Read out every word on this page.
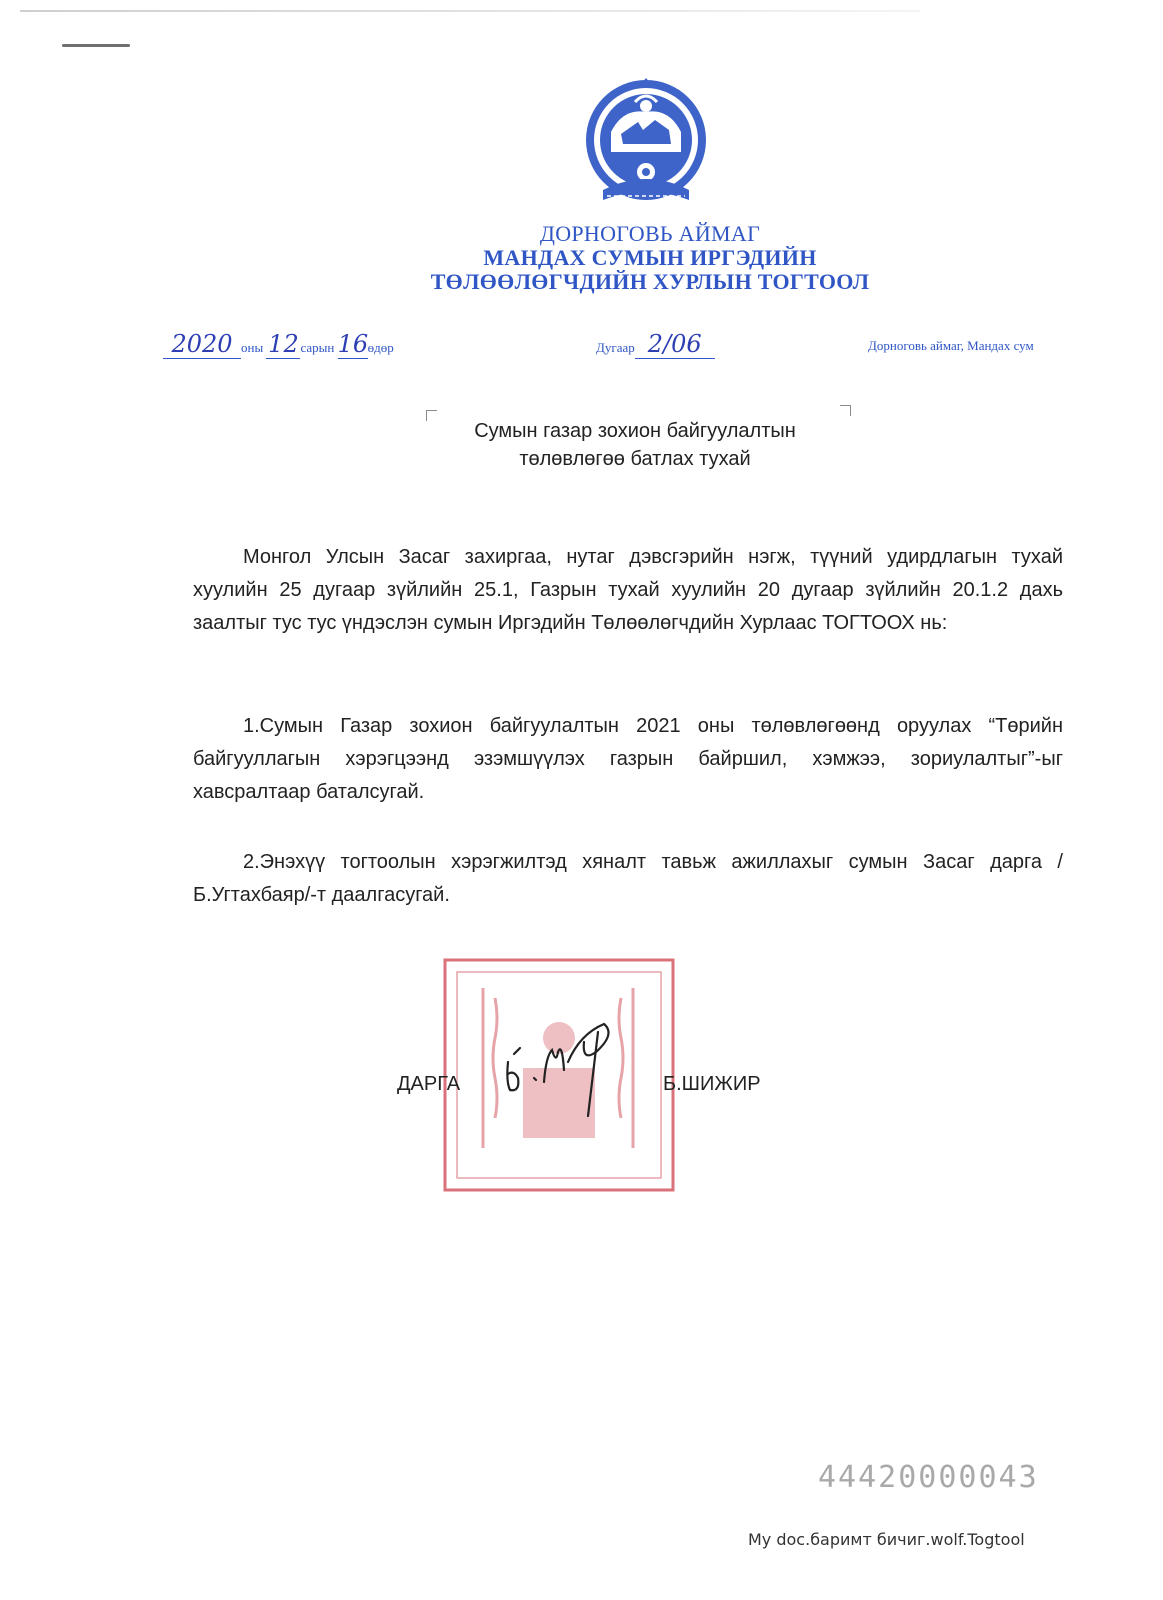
ДОРНОГОВЬ АЙМАГ
МАНДАХ СУМЫН ИРГЭДИЙН
ТӨЛӨӨЛӨГЧДИЙН ХУРЛЫН ТОГТООЛ
2020 оны 12 сарын 16өдөр	Дугаар 2/06	Дорноговь аймаг, Мандах сум
Сумын газар зохион байгуулалтын
төлөвлөгөө батлах тухай
Монгол Улсын Засаг захиргаа, нутаг дэвсгэрийн нэгж, түүний удирдлагын тухай хуулийн 25 дугаар зүйлийн 25.1, Газрын тухай хуулийн 20 дугаар зүйлийн 20.1.2 дахь заалтыг тус тус үндэслэн сумын Иргэдийн Төлөөлөгчдийн Хурлаас ТОГТООХ нь:
1.Сумын Газар зохион байгуулалтын 2021 оны төлөвлөгөөнд оруулах “Төрийн байгууллагын хэрэгцээнд эзэмшүүлэх газрын байршил, хэмжээ, зориулалтыг”-ыг хавсралтаар баталсугай.
2.Энэхүү тогтоолын хэрэгжилтэд хяналт тавьж ажиллахыг сумын Засаг дарга / Б.Угтахбаяр/-т даалгасугай.
ДАРГА	Б.ШИЖИР
44420000043
My doc.баримт бичиг.wolf.Togtool
